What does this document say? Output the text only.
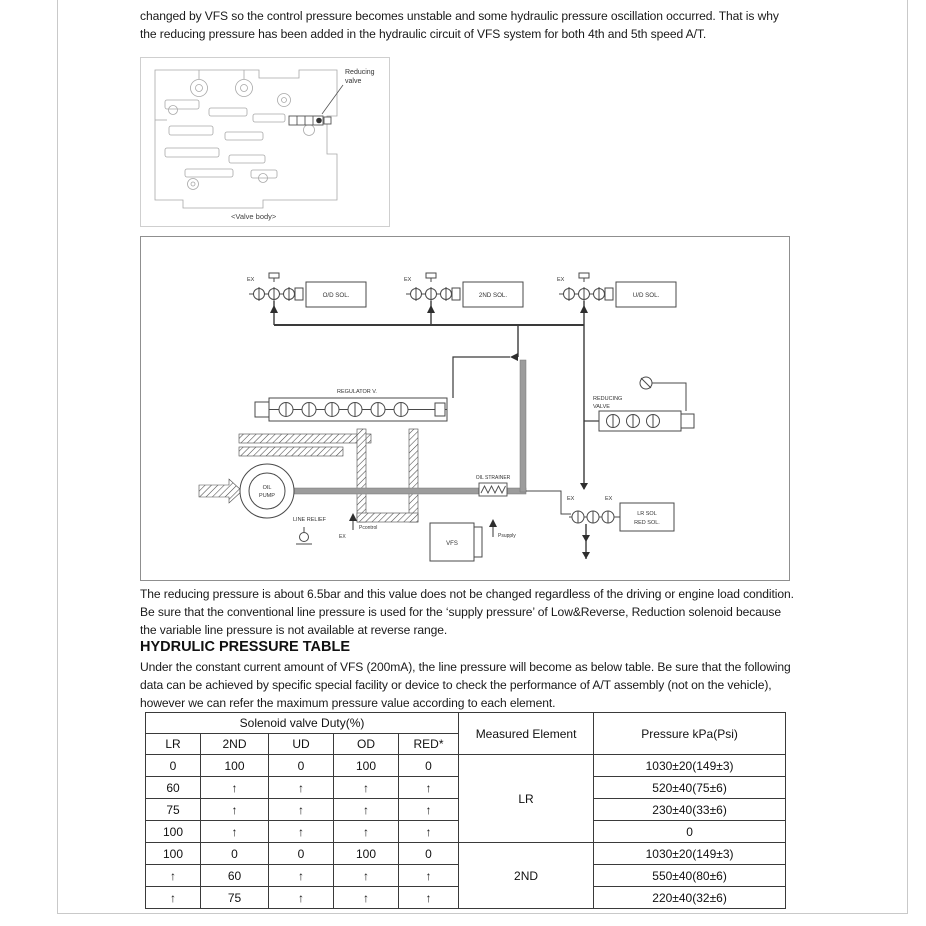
changed by VFS so the control pressure becomes unstable and some hydraulic pressure oscillation occurred. That is why the reducing pressure has been added in the hydraulic circuit of VFS system for both 4th and 5th speed A/T.
Reducing
valve
<Valve body>
EX
O/D SOL.
EX
2ND SOL.
EX
U/D SOL.
REGULATOR V.
REDUCING
VALVE
OIL
PUMP
LINE RELIEF
OIL STRAINER
VFS
Pcontrol
EX	Psupply
EX	EX
LR SOL
RED SOL.
The reducing pressure is about 6.5bar and this value does not be changed regardless of the driving or engine load condition. Be sure that the conventional line pressure is used for the ‘supply pressure’ of Low&Reverse, Reduction solenoid because the variable line pressure is not available at reverse range.
HYDRULIC PRESSURE TABLE
Under the constant current amount of VFS (200mA), the line pressure will become as below table. Be sure that the following data can be achieved by specific special facility or device to check the performance of A/T assembly (not on the vehicle), however we can refer the maximum pressure value according to each element.
Solenoid valve Duty(%)					Measured Element	Pressure kPa(Psi)
LR	2ND	UD	OD	RED*		
0	100	0	100	0	LR	1030±20(149±3)
60	↑	↑	↑	↑		520±40(75±6)
75	↑	↑	↑	↑		230±40(33±6)
100	↑	↑	↑	↑		0
100	0	0	100	0	2ND	1030±20(149±3)
↑	60	↑	↑	↑		550±40(80±6)
↑	75	↑	↑	↑		220±40(32±6)
